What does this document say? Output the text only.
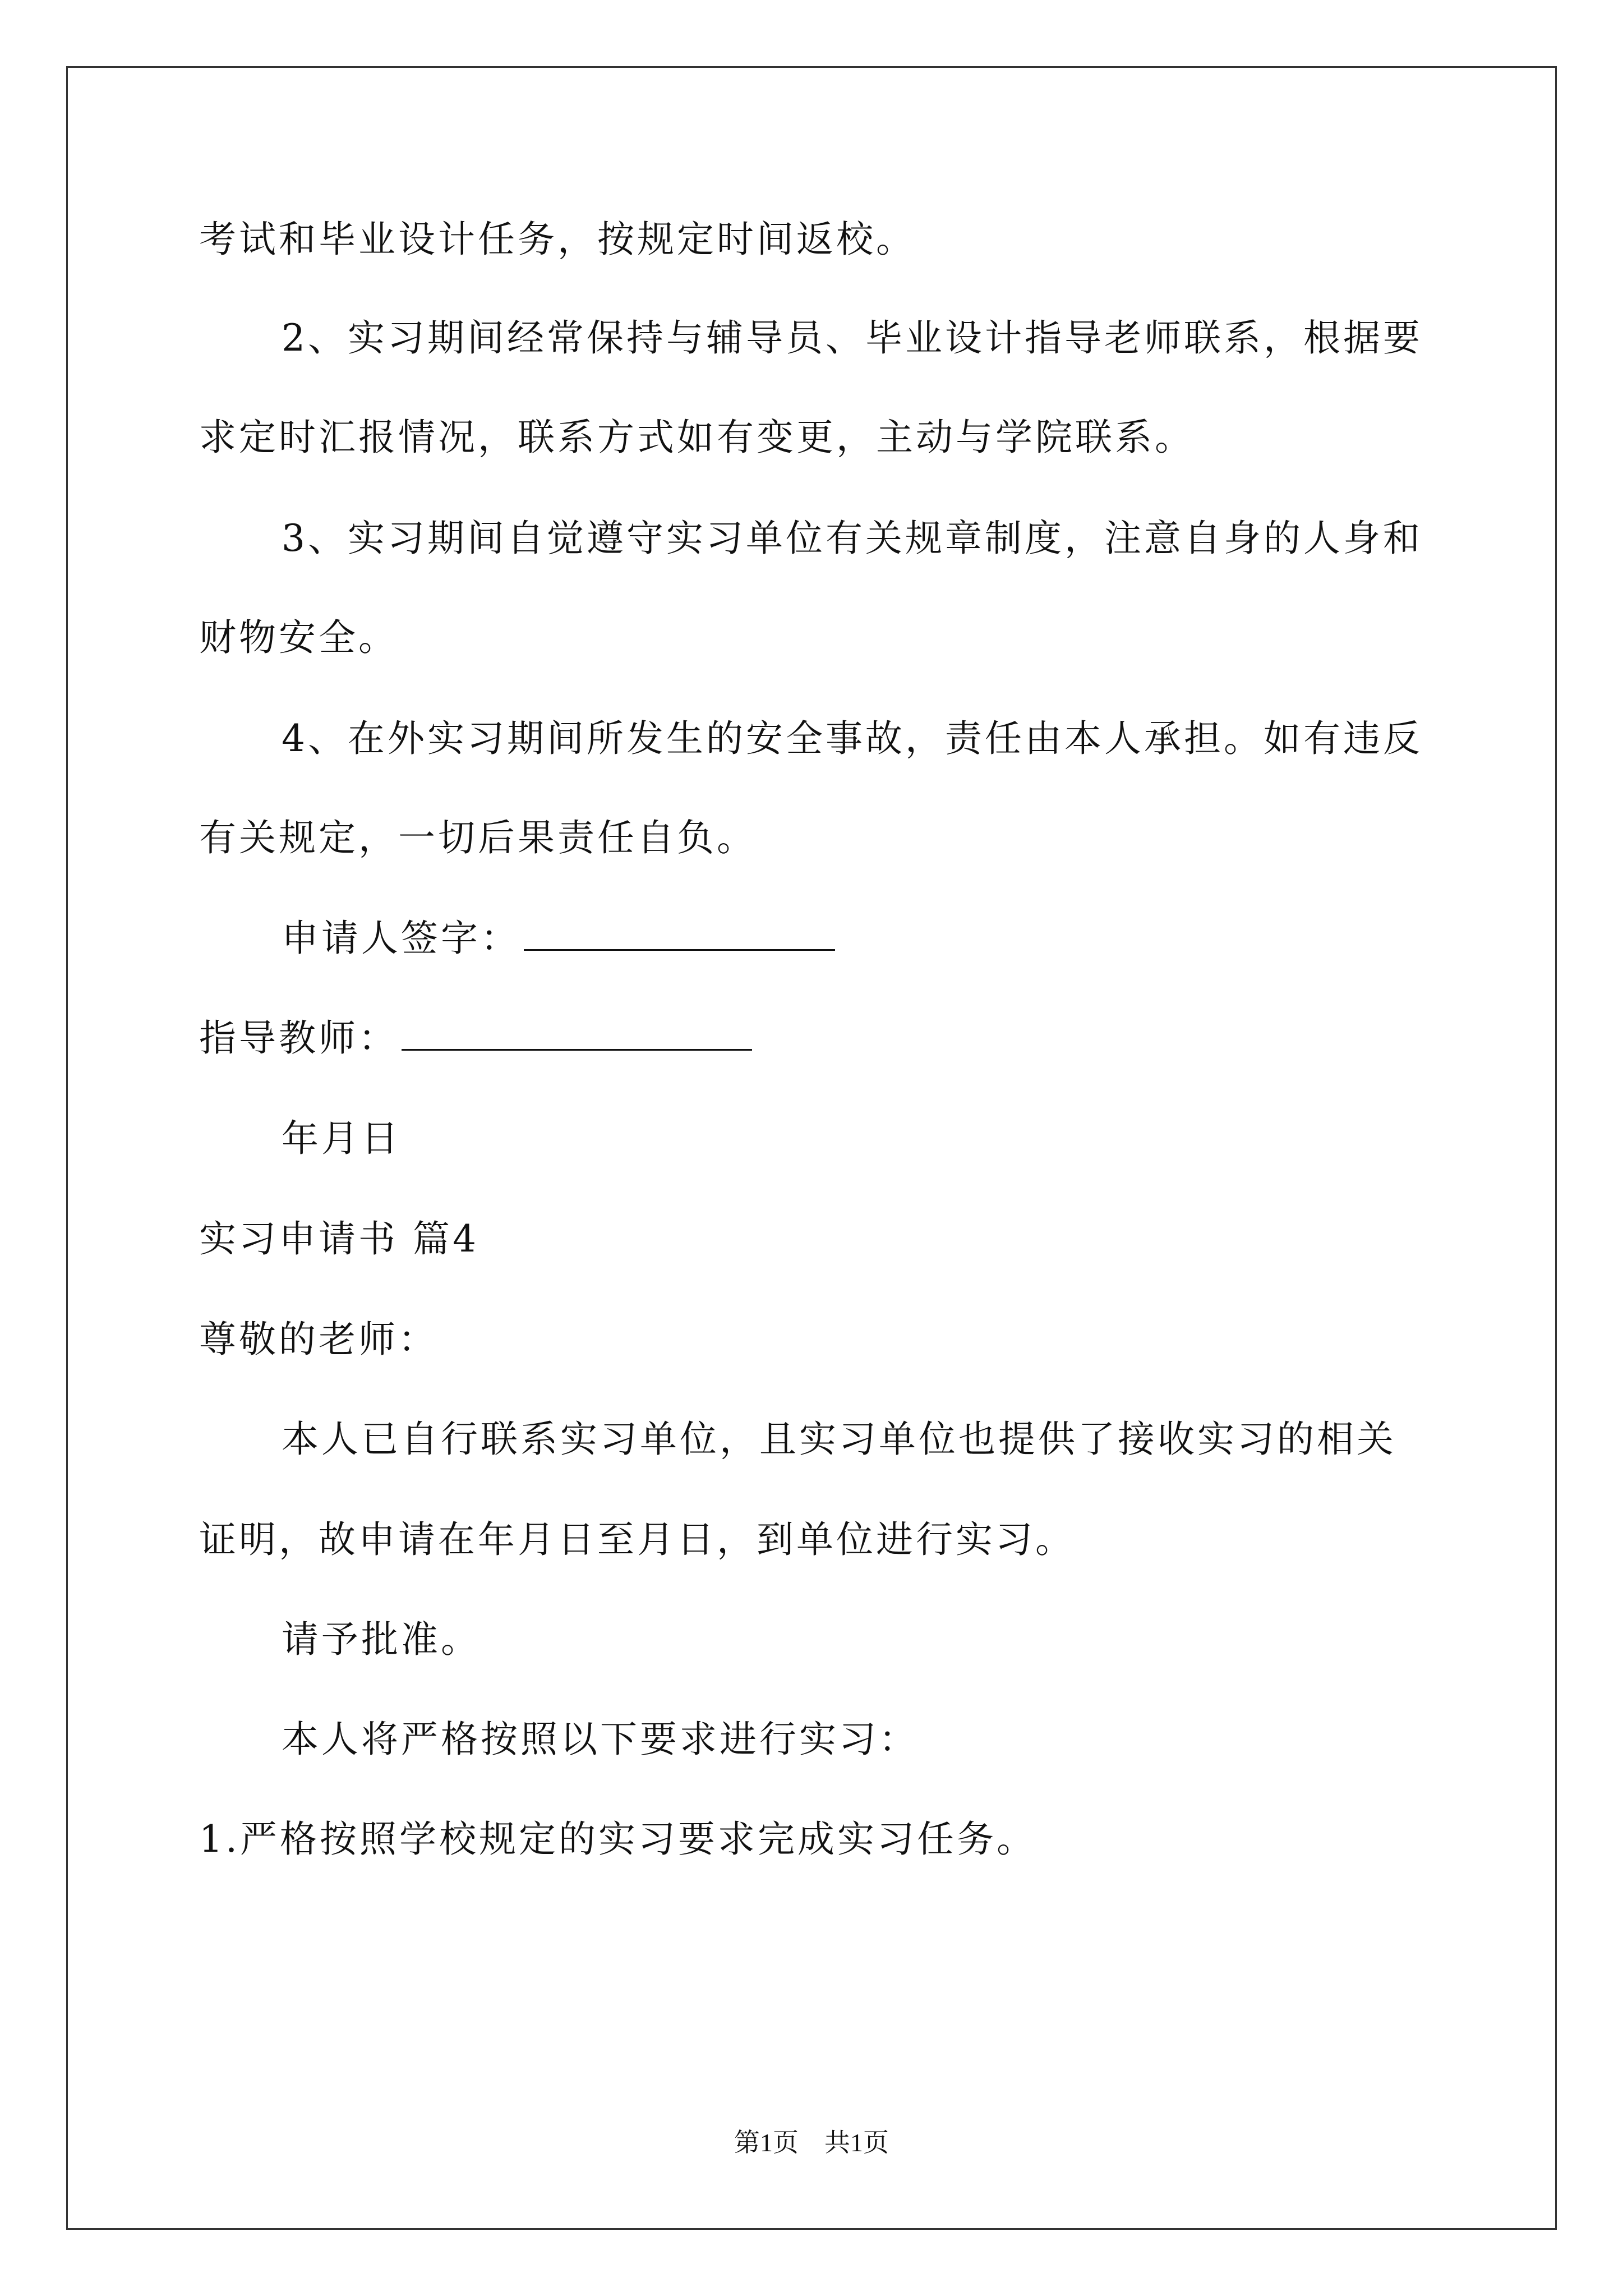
考试和毕业设计任务，按规定时间返校。
2、实习期间经常保持与辅导员、毕业设计指导老师联系，根据要
求定时汇报情况，联系方式如有变更，主动与学院联系。
3、实习期间自觉遵守实习单位有关规章制度，注意自身的人身和
财物安全。
4、在外实习期间所发生的安全事故，责任由本人承担。如有违反
有关规定，一切后果责任自负。
申请人签字：
指导教师：
年月日
实习申请书 篇4
尊敬的老师：
本人已自行联系实习单位，且实习单位也提供了接收实习的相关
证明，故申请在年月日至月日，到单位进行实习。
请予批准。
本人将严格按照以下要求进行实习：
1.严格按照学校规定的实习要求完成实习任务。
第1页　共1页
